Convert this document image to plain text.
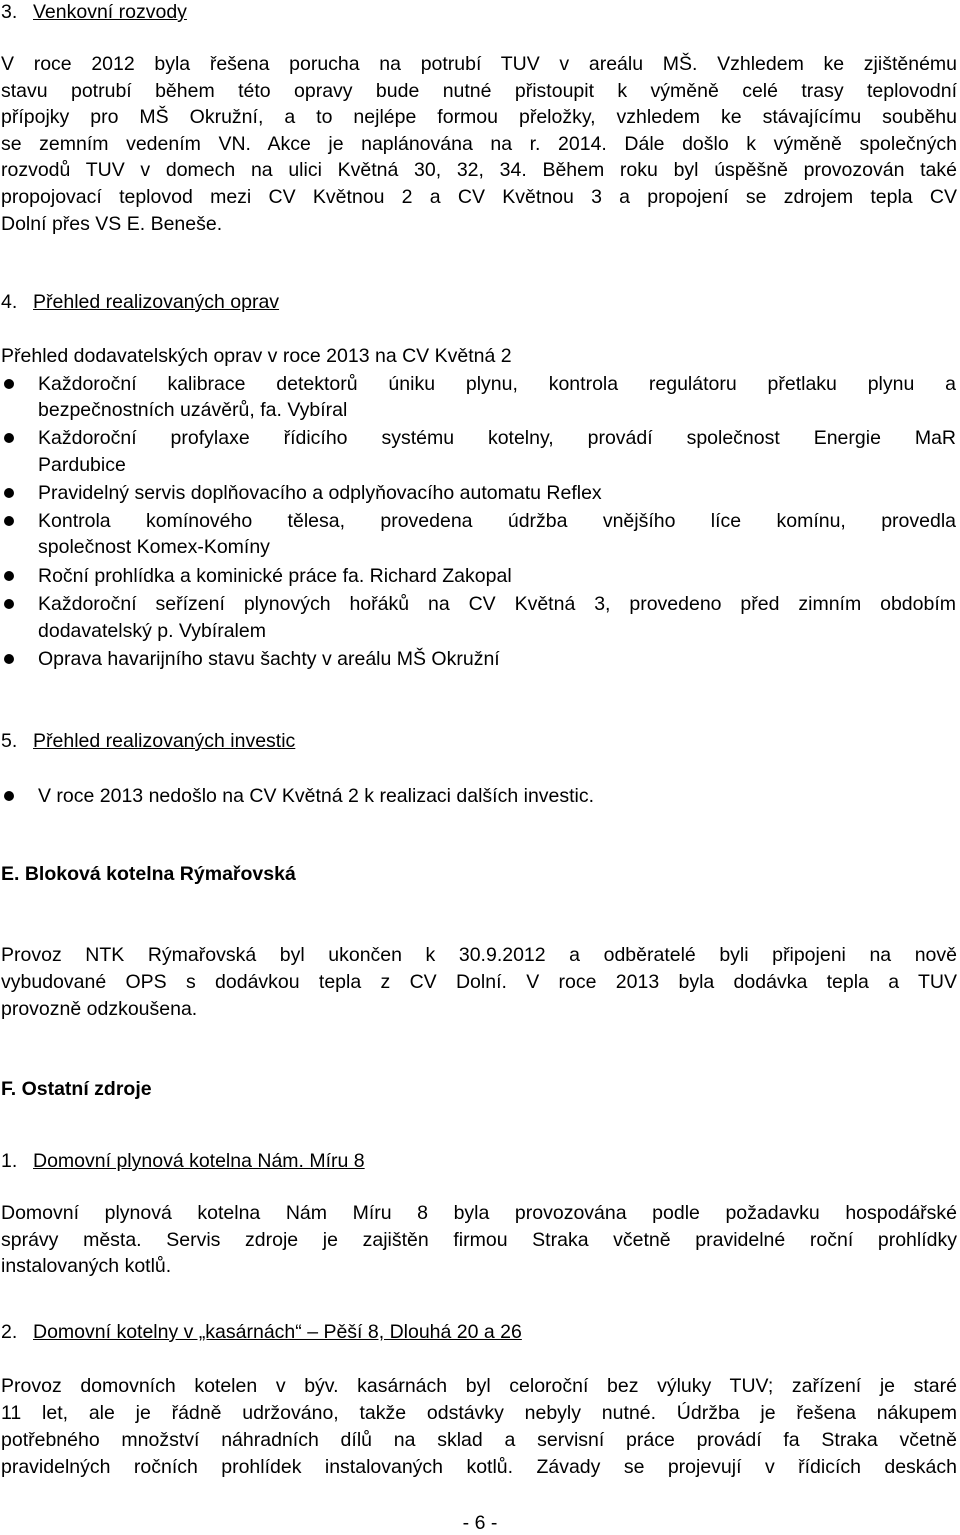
3. Venkovní rozvody
V roce 2012 byla řešena porucha na potrubí TUV v areálu MŠ. Vzhledem ke zjištěnému
stavu potrubí během této opravy bude nutné přistoupit k výměně celé trasy teplovodní
přípojky pro MŠ Okružní, a to nejlépe formou přeložky, vzhledem ke stávajícímu souběhu
se zemním vedením VN. Akce je naplánována na r. 2014. Dále došlo k výměně společných
rozvodů TUV v domech na ulici Květná 30, 32, 34. Během roku byl úspěšně provozován také
propojovací teplovod mezi CV Květnou 2 a CV Květnou 3 a propojení se zdrojem tepla CV
Dolní přes VS E. Beneše.
4. Přehled realizovaných oprav
Přehled dodavatelských oprav v roce 2013 na CV Květná 2
Každoroční kalibrace detektorů úniku plynu, kontrola regulátoru přetlaku plynu a
bezpečnostních uzávěrů, fa. Vybíral
Každoroční profylaxe řídicího systému kotelny, provádí společnost Energie MaR
Pardubice
Pravidelný servis doplňovacího a odplyňovacího automatu Reflex
Kontrola komínového tělesa, provedena údržba vnějšího líce komínu, provedla
společnost Komex-Komíny
Roční prohlídka a kominické práce fa. Richard Zakopal
Každoroční seřízení plynových hořáků na CV Květná 3, provedeno před zimním obdobím
dodavatelský p. Vybíralem
Oprava havarijního stavu šachty v areálu MŠ Okružní
5. Přehled realizovaných investic
V roce 2013 nedošlo na CV Květná 2 k realizaci dalších investic.
E. Bloková kotelna Rýmařovská
Provoz NTK Rýmařovská byl ukončen k 30.9.2012 a odběratelé byli připojeni na nově
vybudované OPS s dodávkou tepla z CV Dolní. V roce 2013 byla dodávka tepla a TUV
provozně odzkoušena.
F. Ostatní zdroje
1. Domovní plynová kotelna Nám. Míru 8
Domovní plynová kotelna Nám Míru 8 byla provozována podle požadavku hospodářské
správy města. Servis zdroje je zajištěn firmou Straka včetně pravidelné roční prohlídky
instalovaných kotlů.
2. Domovní kotelny v „kasárnách“ – Pěší 8, Dlouhá 20 a 26
Provoz domovních kotelen v býv. kasárnách byl celoroční bez výluky TUV; zařízení je staré
11 let, ale je řádně udržováno, takže odstávky nebyly nutné. Údržba je řešena nákupem
potřebného množství náhradních dílů na sklad a servisní práce provádí fa Straka včetně
pravidelných ročních prohlídek instalovaných kotlů. Závady se projevují v řídicích deskách
- 6 -
